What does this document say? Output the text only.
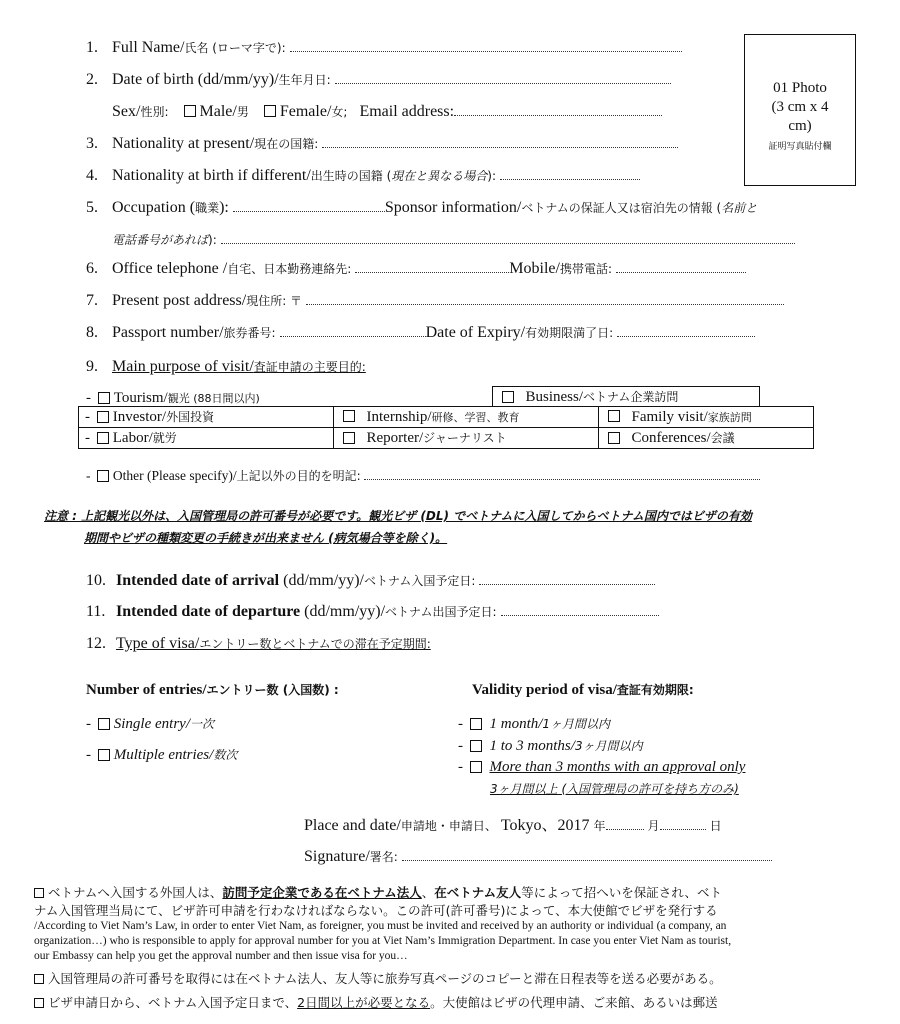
01 Photo
(3 cm x 4
cm)
証明写真貼付欄
1. Full Name/氏名 (ローマ字で):
2. Date of birth (dd/mm/yy)/生年月日:
Sex/性別: Male/男 Female/女; Email address:
3. Nationality at present/現在の国籍:
4. Nationality at birth if different/出生時の国籍 (現在と異なる場合):
5. Occupation (職業):	Sponsor information/ベトナムの保証人又は宿泊先の情報 (名前と
電話番号があれば):
6. Office telephone /自宅、日本勤務連絡先:	Mobile/携帯電話:
7. Present post address/現住所: 〒
8. Passport number/旅券番号:	Date of Expiry/有効期限満了日:
9. Main purpose of visit/査証申請の主要目的:
- Tourism/観光 (88日間以内)	Business/ベトナム企業訪問
- Investor/外国投資	Internship/研修、学習、教育	Family visit/家族訪問
- Labor/就労	Reporter/ジャーナリスト	Conferences/会議
- Other (Please specify)/上記以外の目的を明記:
注意 : 上記観光以外は、入国管理局の許可番号が必要です。観光ビザ (DL) でベトナムに入国してからベトナム国内ではビザの有効
期間やビザの種類変更の手続きが出来ません (病気場合等を除く)。
10. Intended date of arrival (dd/mm/yy)/ベトナム入国予定日:
11. Intended date of departure (dd/mm/yy)/ベトナム出国予定日:
12. Type of visa/エントリー数とベトナムでの滞在予定期間:
Number of entries/エントリー数 (入国数) :
- Single entry/一次
- Multiple entries/数次
Validity period of visa/査証有効期限:
- 1 month/1ヶ月間以内
- 1 to 3 months/3ヶ月間以内
- More than 3 months with an approval only
3ヶ月間以上 (入国管理局の許可を持ち方のみ)
Place and date/申請地・申請日、 Tokyo、2017 年	月	日
Signature/署名:
ベトナムへ入国する外国人は、訪問予定企業である在ベトナム法人、在ベトナム友人等によって招へいを保証され、ベト
ナム入国管理当局にて、ビザ許可申請を行わなければならない。この許可(許可番号)によって、本大使館でビザを発行する
/According to Viet Nam’s Law, in order to enter Viet Nam, as foreigner, you must be invited and received by an authority or individual (a company, an
organization…) who is responsible to apply for approval number for you at Viet Nam’s Immigration Department. In case you enter Viet Nam as tourist,
our Embassy can help you get the approval number and then issue visa for you…
入国管理局の許可番号を取得には在ベトナム法人、友人等に旅券写真ページのコピーと滞在日程表等を送る必要がある。
ビザ申請日から、ベトナム入国予定日まで、2日間以上が必要となる。大使館はビザの代理申請、ご来館、あるいは郵送
